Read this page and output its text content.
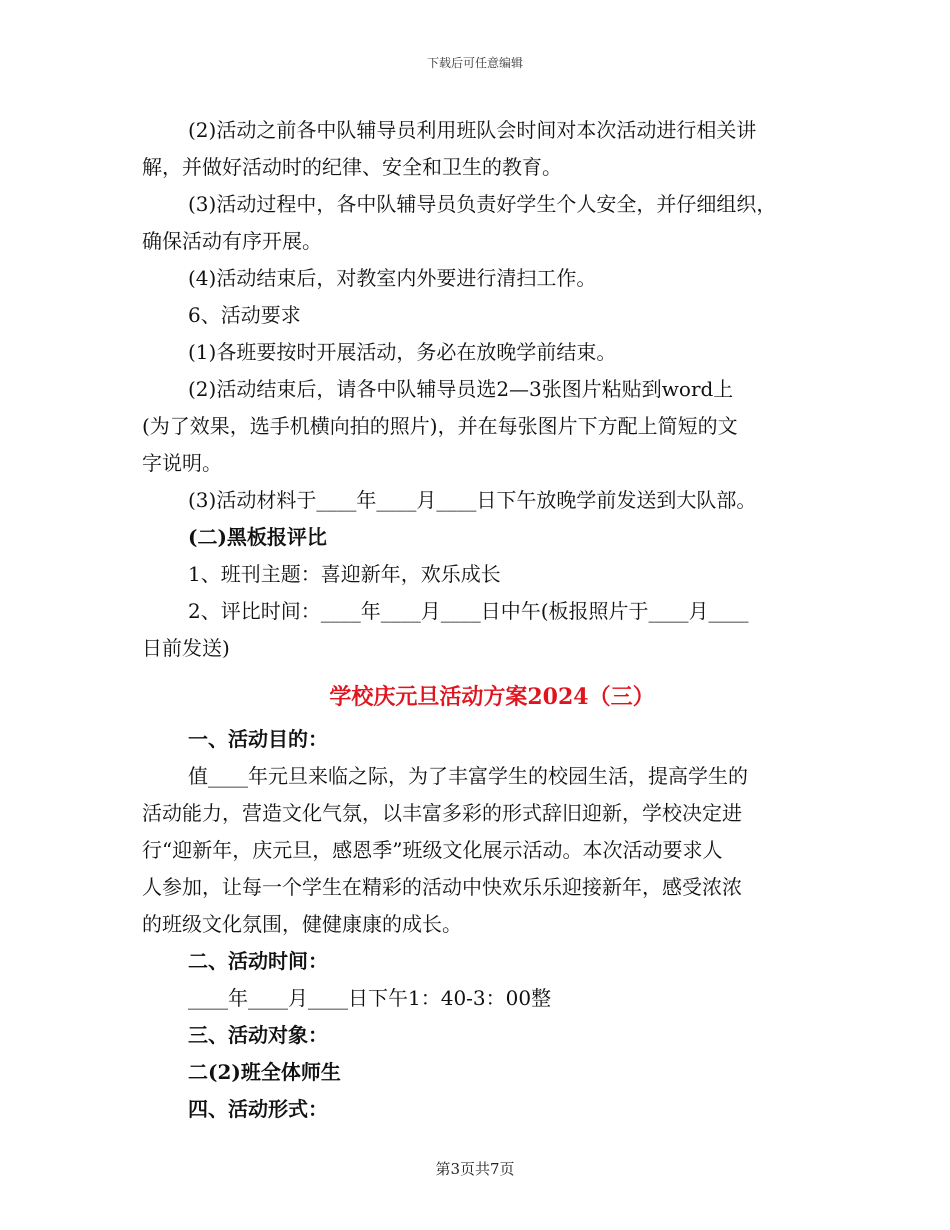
下载后可任意编辑

(2)活动之前各中队辅导员利用班队会时间对本次活动进行相关讲

解，并做好活动时的纪律、安全和卫生的教育。

(3)活动过程中，各中队辅导员负责好学生个人安全，并仔细组织，

确保活动有序开展。

(4)活动结束后，对教室内外要进行清扫工作。

6、活动要求

(1)各班要按时开展活动，务必在放晚学前结束。

(2)活动结束后，请各中队辅导员选2—3张图片粘贴到word上

(为了效果，选手机横向拍的照片)，并在每张图片下方配上简短的文

字说明。

(3)活动材料于____年____月____日下午放晚学前发送到大队部。

(二)黑板报评比

1、班刊主题：喜迎新年，欢乐成长

2、评比时间：____年____月____日中午(板报照片于____月____

日前发送)

学校庆元旦活动方案2024（三）

一、活动目的：

值____年元旦来临之际，为了丰富学生的校园生活，提高学生的

活动能力，营造文化气氛，以丰富多彩的形式辞旧迎新，学校决定进

行“迎新年，庆元旦，感恩季”班级文化展示活动。本次活动要求人

人参加，让每一个学生在精彩的活动中快欢乐乐迎接新年，感受浓浓

的班级文化氛围，健健康康的成长。

二、活动时间：

____年____月____日下午1：40-3：00整

三、活动对象：

二(2)班全体师生

四、活动形式：

第3页共7页
